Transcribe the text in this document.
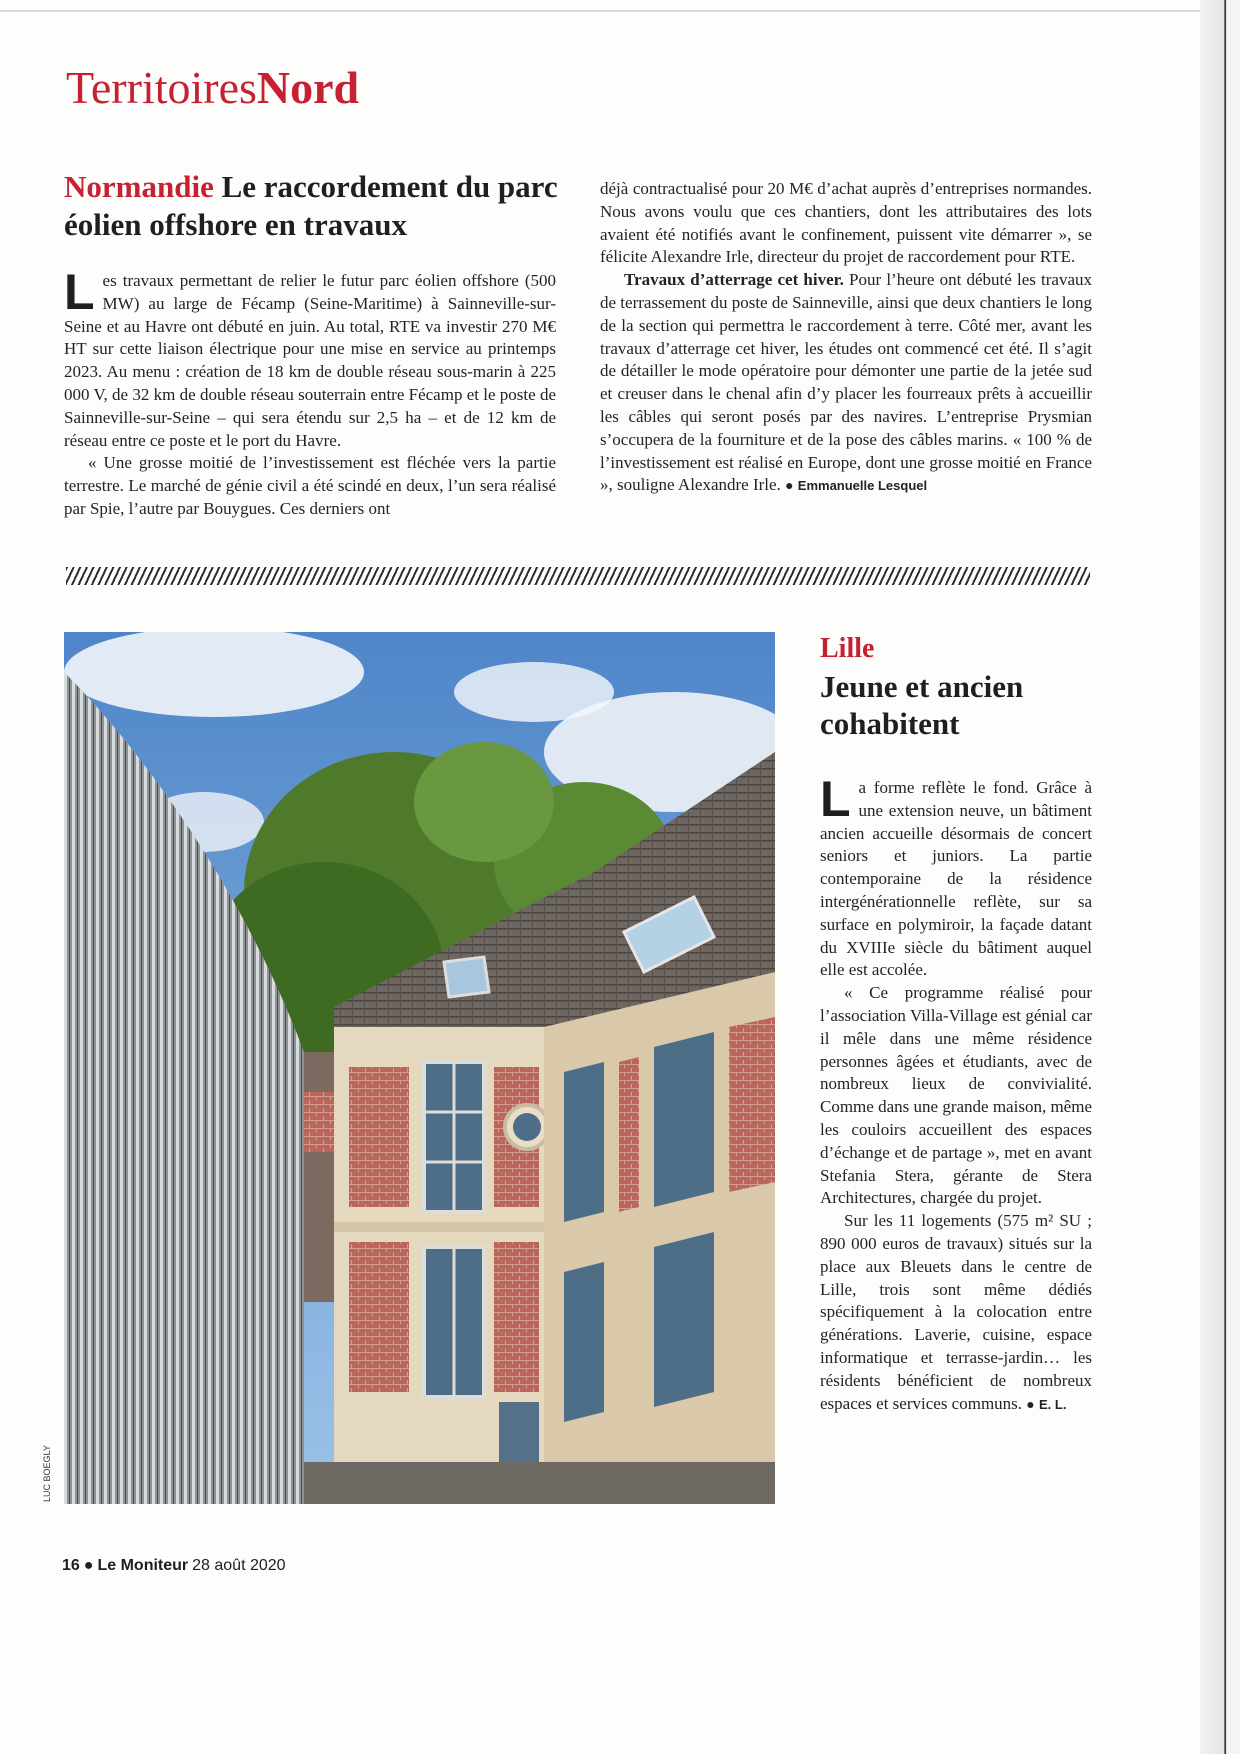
TerritoiresNord
Normandie Le raccordement du parc éolien offshore en travaux

Les travaux permettant de relier le futur parc éolien offshore (500 MW) au large de Fécamp (Seine-Maritime) à Sainneville-sur-Seine et au Havre ont débuté en juin. Au total, RTE va investir 270 M€ HT sur cette liaison électrique pour une mise en service au printemps 2023. Au menu : création de 18 km de double réseau sous-marin à 225 000 V, de 32 km de double réseau souterrain entre Fécamp et le poste de Sainneville-sur-Seine – qui sera étendu sur 2,5 ha – et de 12 km de réseau entre ce poste et le port du Havre.

« Une grosse moitié de l’investissement est fléchée vers la partie terrestre. Le marché de génie civil a été scindé en deux, l’un sera réalisé par Spie, l’autre par Bouygues. Ces derniers ont

déjà contractualisé pour 20 M€ d’achat auprès d’entreprises normandes. Nous avons voulu que ces chantiers, dont les attributaires des lots avaient été notifiés avant le confinement, puissent vite démarrer », se félicite Alexandre Irle, directeur du projet de raccordement pour RTE.

Travaux d’atterrage cet hiver. Pour l’heure ont débuté les travaux de terrassement du poste de Sainneville, ainsi que deux chantiers le long de la section qui permettra le raccordement à terre. Côté mer, avant les travaux d’atterrage cet hiver, les études ont commencé cet été. Il s’agit de détailler le mode opératoire pour démonter une partie de la jetée sud et creuser dans le chenal afin d’y placer les fourreaux prêts à accueillir les câbles qui seront posés par des navires. L’entreprise Prysmian s’occupera de la fourniture et de la pose des câbles marins. « 100 % de l’investissement est réalisé en Europe, dont une grosse moitié en France », souligne Alexandre Irle. ● Emmanuelle Lesquel

LUC BOEGLY
Lille
Jeune et ancien cohabitent

La forme reflète le fond. Grâce à une extension neuve, un bâtiment ancien accueille désormais de concert seniors et juniors. La partie contemporaine de la résidence intergénérationnelle reflète, sur sa surface en polymiroir, la façade datant du XVIIIe siècle du bâtiment auquel elle est accolée.

« Ce programme réalisé pour l’association Villa-Village est génial car il mêle dans une même résidence personnes âgées et étudiants, avec de nombreux lieux de convivialité. Comme dans une grande maison, même les couloirs accueillent des espaces d’échange et de partage », met en avant Stefania Stera, gérante de Stera Architectures, chargée du projet.

Sur les 11 logements (575 m² SU ; 890 000 euros de travaux) situés sur la place aux Bleuets dans le centre de Lille, trois sont même dédiés spécifiquement à la colocation entre générations. Laverie, cuisine, espace informatique et terrasse-jardin… les résidents bénéficient de nombreux espaces et services communs. ● E. L.

16 ● Le Moniteur 28 août 2020
